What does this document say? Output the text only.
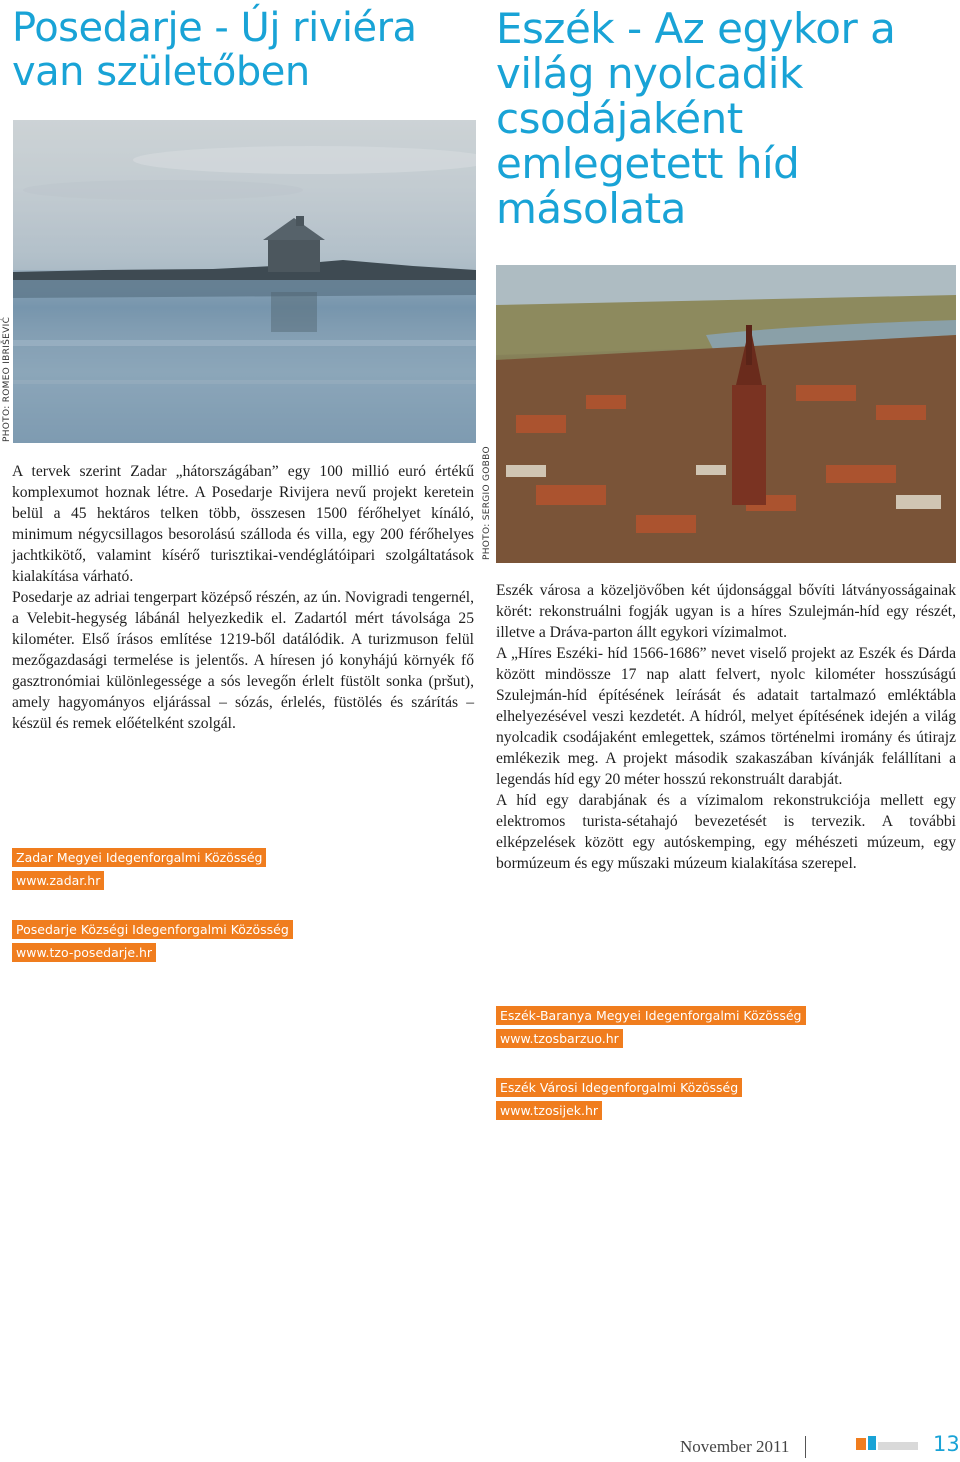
Posedarje - Új riviéra van születőben
PHOTO: ROMEO IBRIŠEVIĆ

A tervek szerint Zadar „hátországában” egy 100 millió euró értékű komplexumot hoznak létre. A Posedarje Rivijera nevű projekt keretein belül a 45 hektáros telken több, összesen 1500 férőhelyet kínáló, minimum négycsillagos besorolású szálloda és villa, egy 200 férőhelyes jachtkikötő, valamint kísérő turisztikai-vendéglátóipari szolgáltatások kialakítása várható.

Posedarje az adriai tengerpart középső részén, az ún. Novigradi tengernél, a Velebit-hegység lábánál helyezkedik el. Zadartól mért távolsága 25 kilométer. Első írásos említése 1219-ből datálódik. A turizmuson felül mezőgazdasági termelése is jelentős. A híresen jó konyhájú környék fő gasztronómiai különlegessége a sós levegőn érlelt füstölt sonka (pršut), amely hagyományos eljárással – sózás, érlelés, füstölés és szárítás – készül és remek előételként szolgál.

Zadar Megyei Idegenforgalmi Közösség
www.zadar.hr
Posedarje Községi Idegenforgalmi Közösség
www.tzo-posedarje.hr
Eszék - Az egykor a világ nyolcadik csodájaként emlegetett híd másolata
PHOTO: SERGIO GOBBO

Eszék városa a közeljövőben két újdonsággal bővíti látványosságainak körét: rekonstruálni fogják ugyan is a híres Szulejmán-híd egy részét, illetve a Dráva-parton állt egykori vízimalmot.

A „Híres Eszéki- híd 1566-1686” nevet viselő projekt az Eszék és Dárda között mindössze 17 nap alatt felvert, nyolc kilométer hosszúságú Szulejmán-híd építésének leírását és adatait tartalmazó emléktábla elhelyezésével veszi kezdetét. A hídról, melyet építésének idején a világ nyolcadik csodájaként emlegettek, számos történelmi iromány és útirajz emlékezik meg. A projekt második szakaszában kívánják felállítani a legendás híd egy 20 méter hosszú rekonstruált darabját.

A híd egy darabjának és a vízimalom rekonstrukciója mellett egy elektromos turista-sétahajó bevezetését is tervezik. A további elképzelések között egy autóskemping, egy méhészeti múzeum, egy bormúzeum és egy műszaki múzeum kialakítása szerepel.

Eszék-Baranya Megyei Idegenforgalmi Közösség
www.tzosbarzuo.hr
Eszék Városi Idegenforgalmi Közösség
www.tzosijek.hr
November 2011	13
